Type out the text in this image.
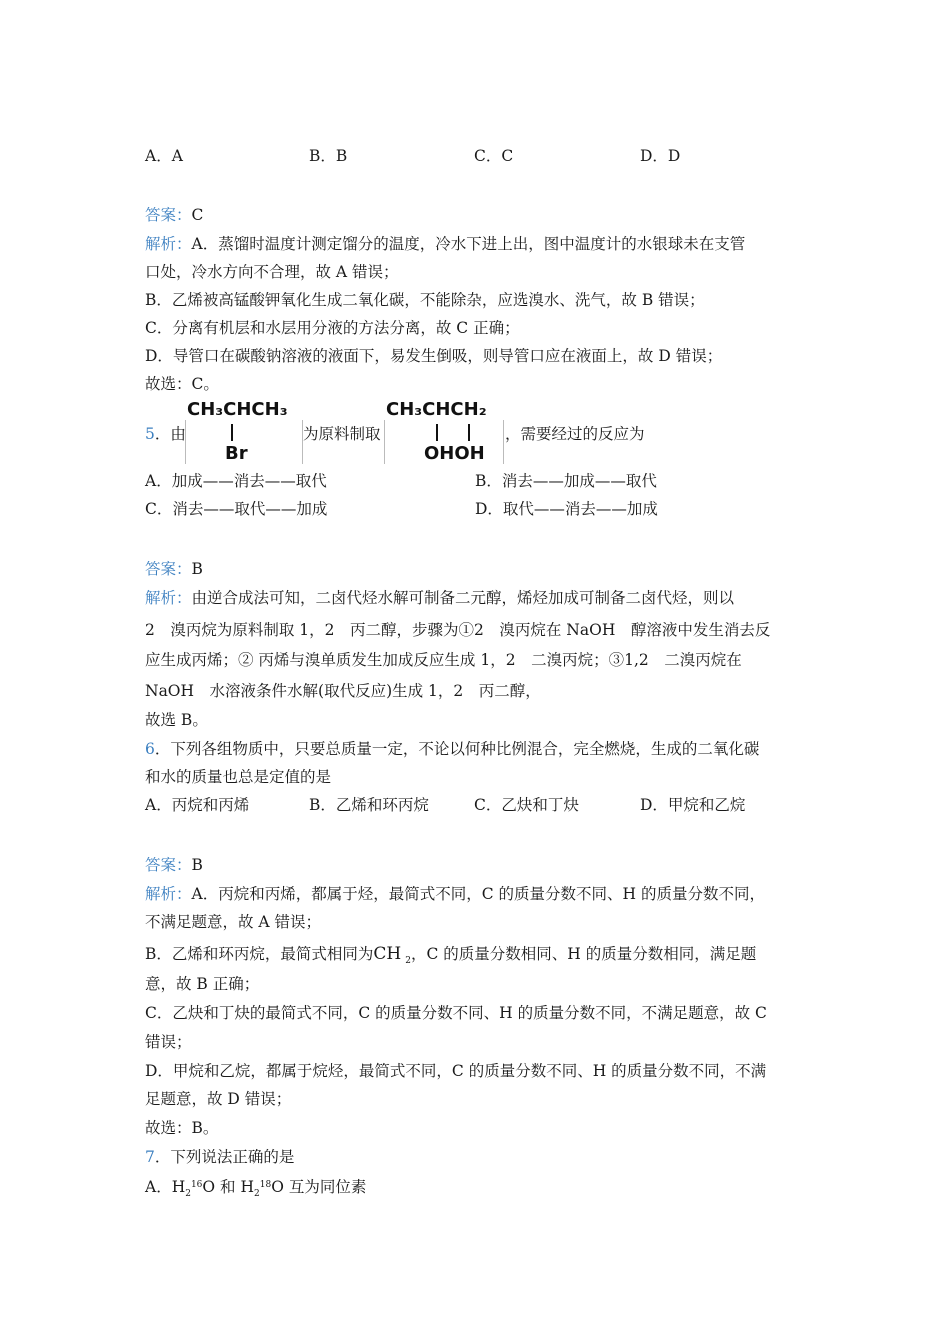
A．A	B．B	C．C	D．D
答案：C
解析：A．蒸馏时温度计测定馏分的温度，冷水下进上出，图中温度计的水银球未在支管
口处，冷水方向不合理，故 A 错误；
B．乙烯被高锰酸钾氧化生成二氧化碳，不能除杂，应选溴水、洗气，故 B 错误；
C．分离有机层和水层用分液的方法分离，故 C 正确；
D．导管口在碳酸钠溶液的液面下，易发生倒吸，则导管口应在液面上，故 D 错误；
故选：C。
5．由
CH₃CHCH₃
Br
为原料制取
CH₃CHCH₂
OHOH
，需要经过的反应为
A．加成——消去——取代	B．消去——加成——取代
C．消去——取代——加成	D．取代——消去——加成
答案：B
解析：由逆合成法可知，二卤代烃水解可制备二元醇，烯烃加成可制备二卤代烃，则以
2　溴丙烷为原料制取 1，2　丙二醇，步骤为①2　溴丙烷在 NaOH　醇溶液中发生消去反
应生成丙烯；② 丙烯与溴单质发生加成反应生成 1，2　二溴丙烷；③1,2　二溴丙烷在
NaOH　水溶液条件水解(取代反应)生成 1，2　丙二醇，
故选 B。
6．下列各组物质中，只要总质量一定，不论以何种比例混合，完全燃烧，生成的二氧化碳
和水的质量也总是定值的是
A．丙烷和丙烯	B．乙烯和环丙烷	C．乙炔和丁炔	D．甲烷和乙烷
答案：B
解析：A．丙烷和丙烯，都属于烃，最简式不同，C 的质量分数不同、H 的质量分数不同，
不满足题意，故 A 错误；
B．乙烯和环丙烷，最简式相同为CH $_2$，C 的质量分数相同、H 的质量分数相同，满足题
意，故 B 正确；
C．乙炔和丁炔的最简式不同，C 的质量分数不同、H 的质量分数不同，不满足题意，故 C
错误；
D．甲烷和乙烷，都属于烷烃，最简式不同，C 的质量分数不同、H 的质量分数不同，不满
足题意，故 D 错误；
故选：B。
7．下列说法正确的是
A．$H_2^{16}O$ 和 $H_2^{18}O$ 互为同位素
